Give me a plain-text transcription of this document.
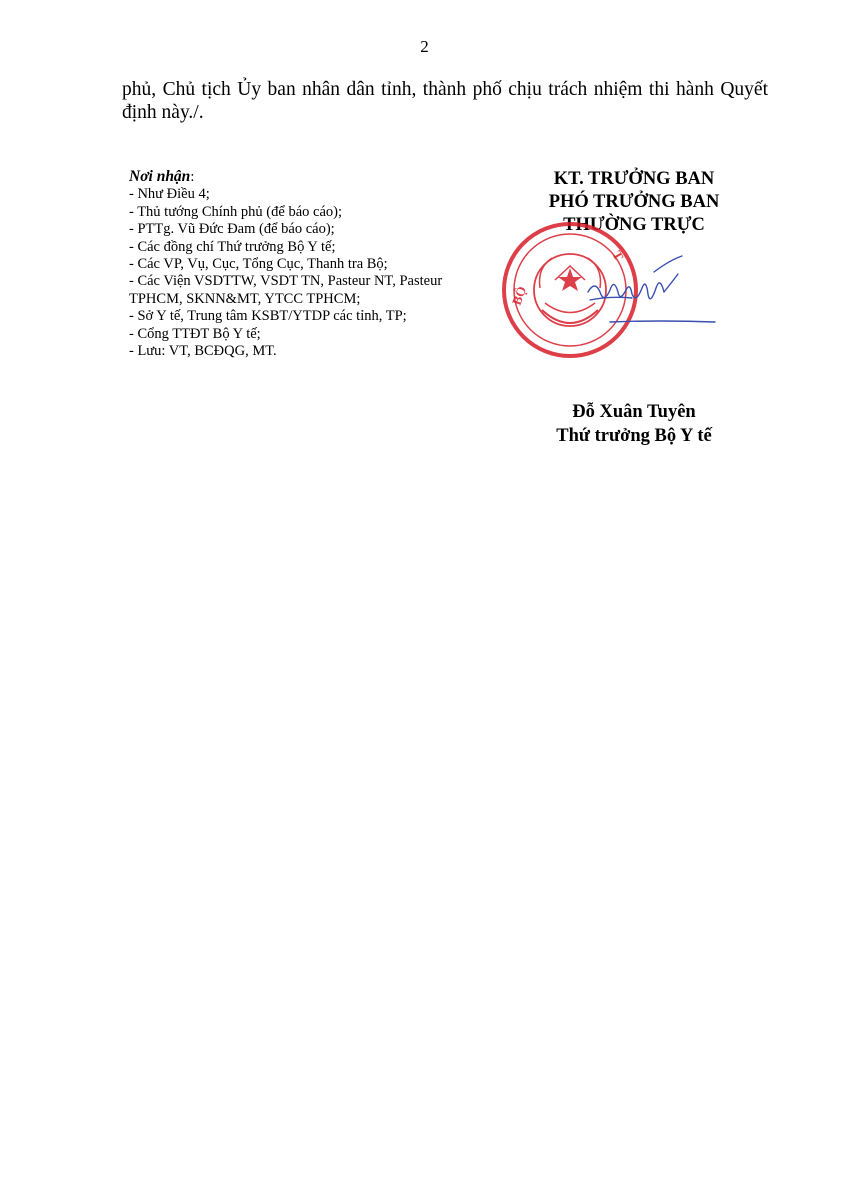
2
phủ, Chủ tịch Ủy ban nhân dân tỉnh, thành phố chịu trách nhiệm thi hành Quyết
định này./.
Nơi nhận:
- Như Điều 4;
- Thủ tướng Chính phủ (để báo cáo);
- PTTg. Vũ Đức Đam (để báo cáo);
- Các đồng chí Thứ trưởng Bộ Y tế;
- Các VP, Vụ, Cục, Tổng Cục, Thanh tra Bộ;
- Các Viện VSDTTW, VSDT TN, Pasteur NT, Pasteur TPHCM, SKNN&MT, YTCC TPHCM;
- Sở Y tế, Trung tâm KSBT/YTDP các tỉnh, TP;
- Cổng TTĐT Bộ Y tế;
- Lưu: VT, BCĐQG, MT.
KT. TRƯỞNG BAN
PHÓ TRƯỞNG BAN
THƯỜNG TRỰC
BỘ
T
Đỗ Xuân Tuyên
Thứ trưởng Bộ Y tế
